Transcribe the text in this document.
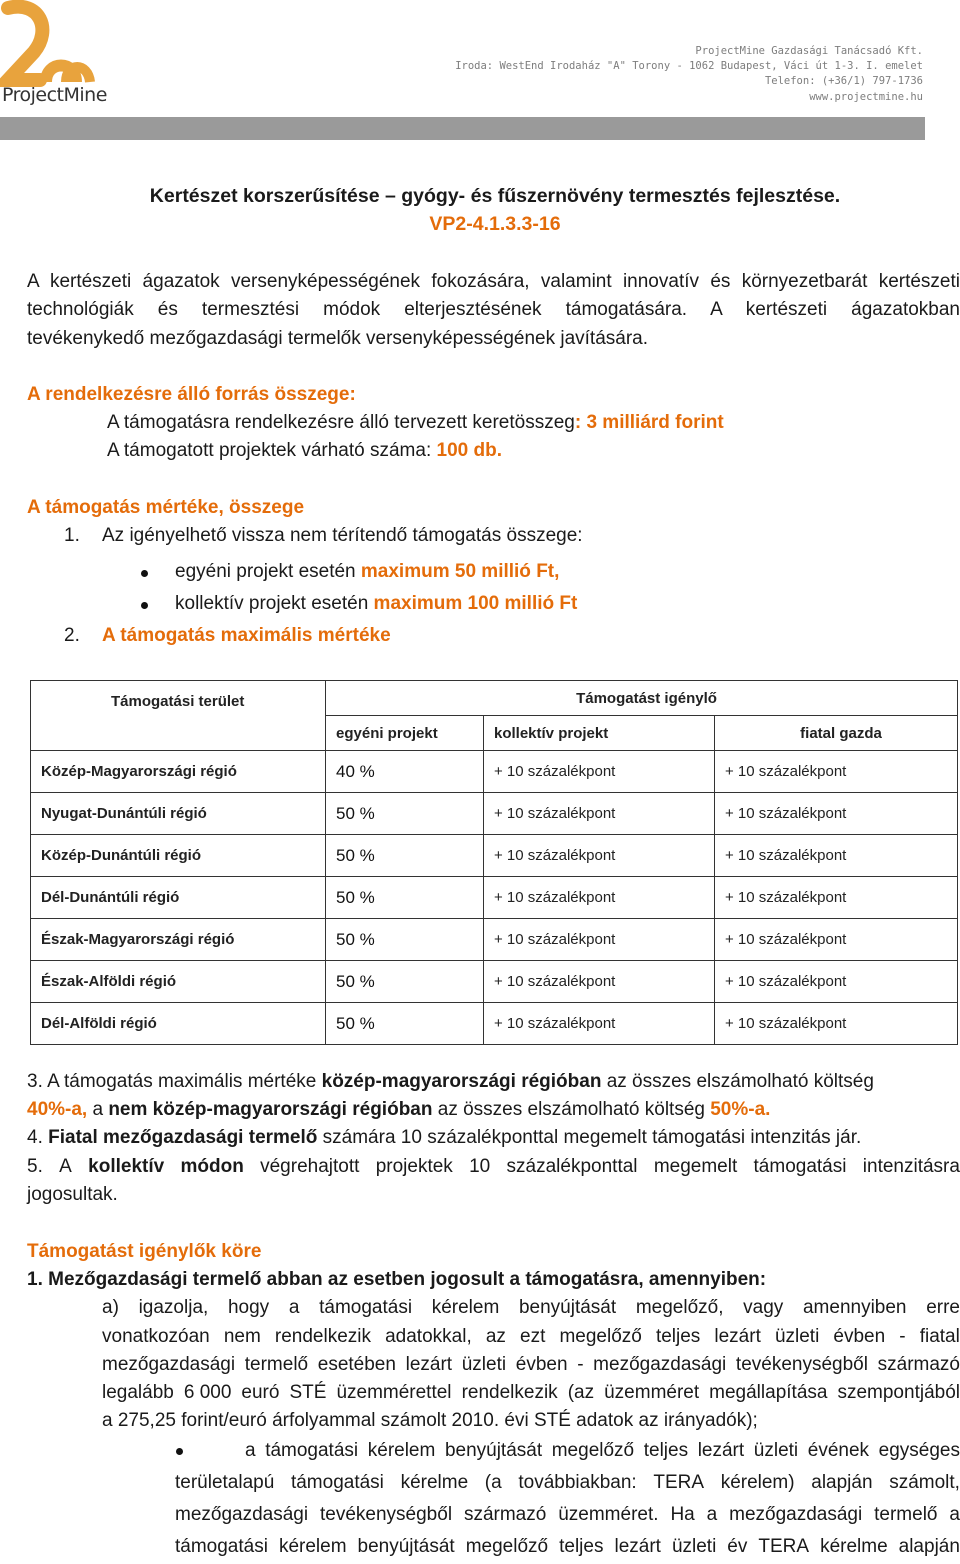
ProjectMine
ProjectMine Gazdasági Tanácsadó Kft.
Iroda: WestEnd Irodaház "A" Torony - 1062 Budapest, Váci út 1-3. I. emelet
Telefon: (+36/1) 797-1736
www.projectmine.hu
Kertészet korszerűsítése – gyógy- és fűszernövény termesztés fejlesztése.
VP2-4.1.3.3-16
A kertészeti ágazatok versenyképességének fokozására, valamint innovatív és környezetbarát kertészeti
technológiák és termesztési módok elterjesztésének támogatására. A kertészeti ágazatokban
tevékenykedő mezőgazdasági termelők versenyképességének javítására.
A rendelkezésre álló forrás összege:
A támogatásra rendelkezésre álló tervezett keretösszeg: 3 milliárd forint
A támogatott projektek várható száma: 100 db.
A támogatás mértéke, összege
1. Az igényelhető vissza nem térítendő támogatás összege:
egyéni projekt esetén maximum 50 millió Ft,
kollektív projekt esetén maximum 100 millió Ft
2. A támogatás maximális mértéke
Támogatási terület	Támogatást igénylő		
	egyéni projekt	kollektív projekt	fiatal gazda
Közép-Magyarországi régió	40 %	+ 10 százalékpont	+ 10 százalékpont
Nyugat-Dunántúli régió	50 %	+ 10 százalékpont	+ 10 százalékpont
Közép-Dunántúli régió	50 %	+ 10 százalékpont	+ 10 százalékpont
Dél-Dunántúli régió	50 %	+ 10 százalékpont	+ 10 százalékpont
Észak-Magyarországi régió	50 %	+ 10 százalékpont	+ 10 százalékpont
Észak-Alföldi régió	50 %	+ 10 százalékpont	+ 10 százalékpont
Dél-Alföldi régió	50 %	+ 10 százalékpont	+ 10 százalékpont
3. A támogatás maximális mértéke közép-magyarországi régióban az összes elszámolható költség
40%-a, a nem közép-magyarországi régióban az összes elszámolható költség 50%-a.
4. Fiatal mezőgazdasági termelő számára 10 százalékponttal megemelt támogatási intenzitás jár.
5. A kollektív módon végrehajtott projektek 10 százalékponttal megemelt támogatási intenzitásra
jogosultak.
Támogatást igénylők köre
1. Mezőgazdasági termelő abban az esetben jogosult a támogatásra, amennyiben:
a) igazolja, hogy a támogatási kérelem benyújtását megelőző, vagy amennyiben erre
vonatkozóan nem rendelkezik adatokkal, az ezt megelőző teljes lezárt üzleti évben - fiatal
mezőgazdasági termelő esetében lezárt üzleti évben - mezőgazdasági tevékenységből származó
legalább 6 000 euró STÉ üzemmérettel rendelkezik (az üzemméret megállapítása szempontjából
a 275,25 forint/euró árfolyammal számolt 2010. évi STÉ adatok az irányadók);
a támogatási kérelem benyújtását megelőző teljes lezárt üzleti évének egységes
területalapú támogatási kérelme (a továbbiakban: TERA kérelem) alapján számolt,
mezőgazdasági tevékenységből származó üzemméret. Ha a mezőgazdasági termelő a
támogatási kérelem benyújtását megelőző teljes lezárt üzleti év TERA kérelme alapján
